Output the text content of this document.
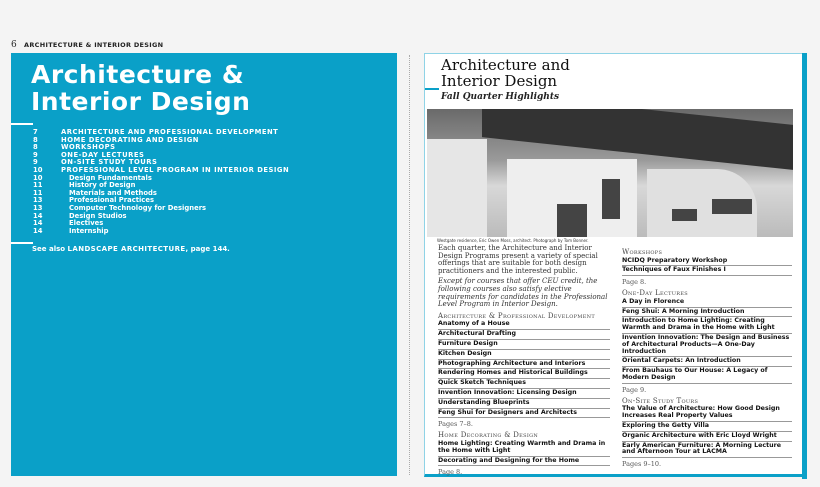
6 ARCHITECTURE & INTERIOR DESIGN
Architecture &
Interior Design
7	ARCHITECTURE AND PROFESSIONAL DEVELOPMENT
8	HOME DECORATING AND DESIGN
8	WORKSHOPS
9	ONE-DAY LECTURES
9	ON-SITE STUDY TOURS
10	PROFESSIONAL LEVEL PROGRAM IN INTERIOR DESIGN
10	Design Fundamentals
11	History of Design
11	Materials and Methods
13	Professional Practices
13	Computer Technology for Designers
14	Design Studios
14	Electives
14	Internship
See also LANDSCAPE ARCHITECTURE, page 144.
Architecture and
Interior Design
Fall Quarter Highlights
Westgate residence, Eric Owen Moss, architect. Photograph by Tom Bonner.
Each quarter, the Architecture and Interior Design Programs present a variety of special offerings that are suitable for both design practitioners and the interested public.
Except for courses that offer CEU credit, the following courses also satisfy elective requirements for candidates in the Professional Level Program in Interior Design.
Architecture & Professional Development
Anatomy of a House
Architectural Drafting
Furniture Design
Kitchen Design
Photographing Architecture and Interiors
Rendering Homes and Historical Buildings
Quick Sketch Techniques
Invention Innovation: Licensing Design
Understanding Blueprints
Feng Shui for Designers and Architects
Pages 7–8.
Home Decorating & Design
Home Lighting: Creating Warmth and Drama in the Home with Light
Decorating and Designing for the Home
Page 8.
Workshops
NCIDQ Preparatory Workshop
Techniques of Faux Finishes I
Page 8.
One-Day Lectures
A Day in Florence
Feng Shui: A Morning Introduction
Introduction to Home Lighting: Creating Warmth and Drama in the Home with Light
Invention Innovation: The Design and Business of Architectural Products—A One-Day Introduction
Oriental Carpets: An Introduction
From Bauhaus to Our House: A Legacy of Modern Design
Page 9.
On-Site Study Tours
The Value of Architecture: How Good Design Increases Real Property Values
Exploring the Getty Villa
Organic Architecture with Eric Lloyd Wright
Early American Furniture: A Morning Lecture and Afternoon Tour at LACMA
Pages 9–10.
